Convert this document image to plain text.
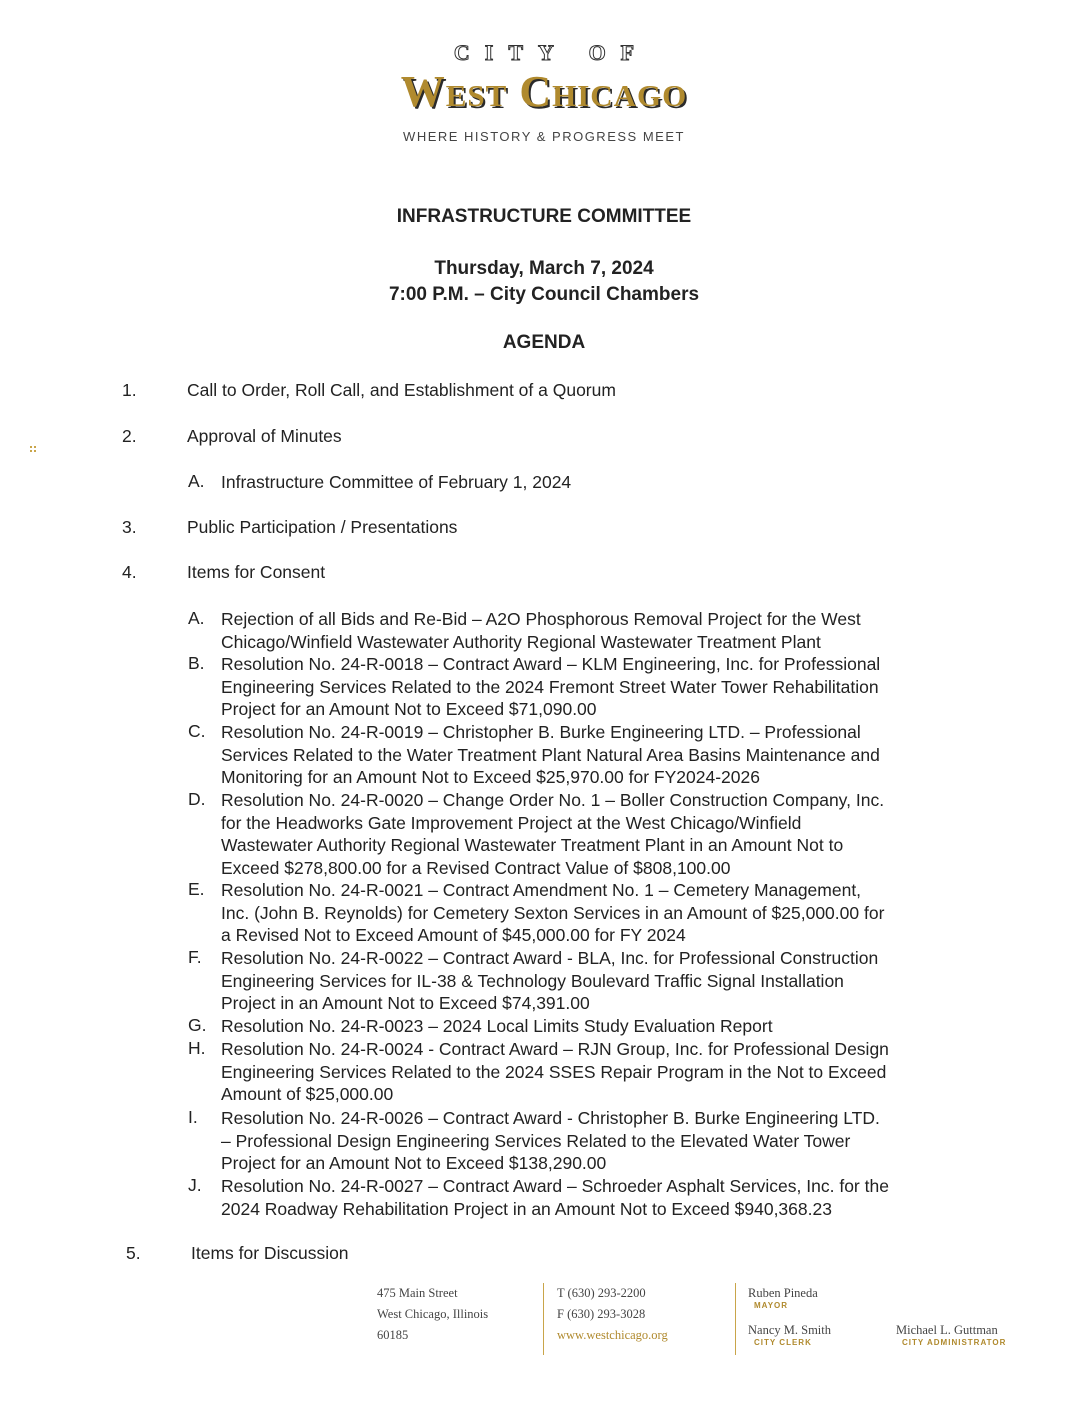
CITY OF
West Chicago
WHERE HISTORY & PROGRESS MEET
INFRASTRUCTURE COMMITTEE
Thursday, March 7, 2024
7:00 P.M. – City Council Chambers
AGENDA
1.	Call to Order, Roll Call, and Establishment of a Quorum
2.	Approval of Minutes
A. Infrastructure Committee of February 1, 2024
3.	Public Participation / Presentations
4.	Items for Consent
A. Rejection of all Bids and Re-Bid – A2O Phosphorous Removal Project for the West
Chicago/Winfield Wastewater Authority Regional Wastewater Treatment Plant
B. Resolution No. 24-R-0018 – Contract Award – KLM Engineering, Inc. for Professional
Engineering Services Related to the 2024 Fremont Street Water Tower Rehabilitation
Project for an Amount Not to Exceed $71,090.00
C. Resolution No. 24-R-0019 – Christopher B. Burke Engineering LTD. – Professional
Services Related to the Water Treatment Plant Natural Area Basins Maintenance and
Monitoring for an Amount Not to Exceed $25,970.00 for FY2024-2026
D. Resolution No. 24-R-0020 – Change Order No. 1 – Boller Construction Company, Inc.
for the Headworks Gate Improvement Project at the West Chicago/Winfield
Wastewater Authority Regional Wastewater Treatment Plant in an Amount Not to
Exceed $278,800.00 for a Revised Contract Value of $808,100.00
E. Resolution No. 24-R-0021 – Contract Amendment No. 1 – Cemetery Management,
Inc. (John B. Reynolds) for Cemetery Sexton Services in an Amount of $25,000.00 for
a Revised Not to Exceed Amount of $45,000.00 for FY 2024
F. Resolution No. 24-R-0022 – Contract Award - BLA, Inc. for Professional Construction
Engineering Services for IL-38 & Technology Boulevard Traffic Signal Installation
Project in an Amount Not to Exceed $74,391.00
G. Resolution No. 24-R-0023 – 2024 Local Limits Study Evaluation Report
H. Resolution No. 24-R-0024 - Contract Award – RJN Group, Inc. for Professional Design
Engineering Services Related to the 2024 SSES Repair Program in the Not to Exceed
Amount of $25,000.00
I. Resolution No. 24-R-0026 – Contract Award - Christopher B. Burke Engineering LTD.
– Professional Design Engineering Services Related to the Elevated Water Tower
Project for an Amount Not to Exceed $138,290.00
J. Resolution No. 24-R-0027 – Contract Award – Schroeder Asphalt Services, Inc. for the
2024 Roadway Rehabilitation Project in an Amount Not to Exceed $940,368.23
5.	Items for Discussion
475 Main Street
West Chicago, Illinois
60185
T (630) 293-2200
F (630) 293-3028
www.westchicago.org
Ruben Pineda
MAYOR
Nancy M. Smith
CITY CLERK
Michael L. Guttman
CITY ADMINISTRATOR
